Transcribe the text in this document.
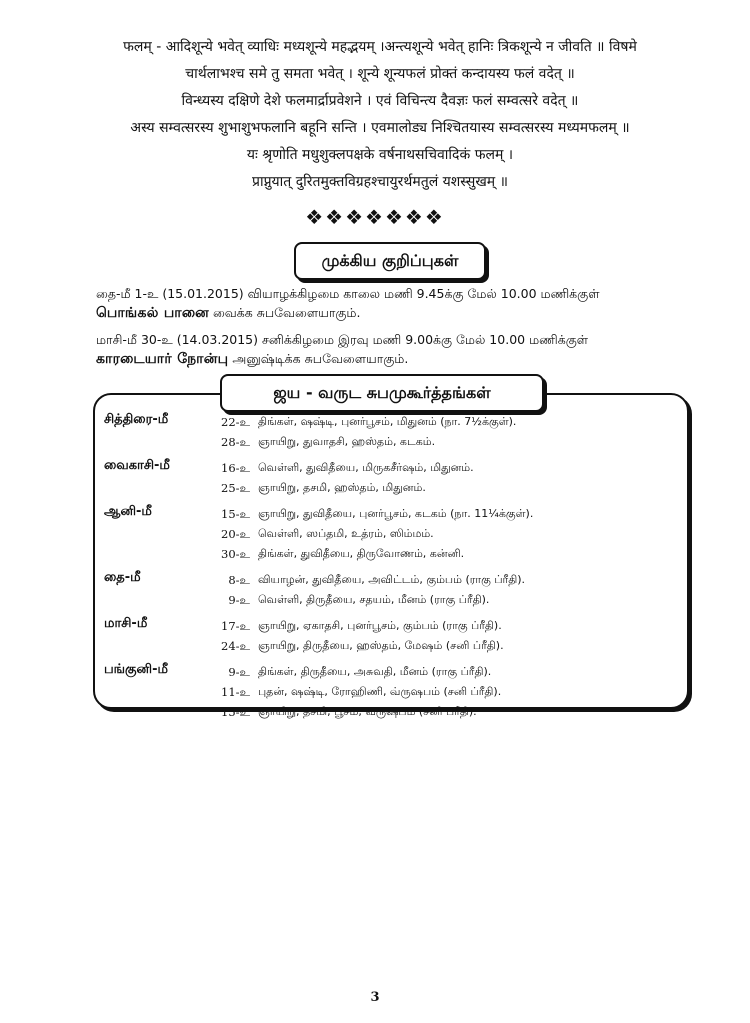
फलम् - आदिशून्ये भवेत् व्याधिः मध्यशून्ये महद्भयम् ।अन्त्यशून्ये भवेत् हानिः त्रिकशून्ये न जीवति ॥ विषमे
चार्थलाभश्च समे तु समता भवेत् । शून्ये शून्यफलं प्रोक्तं कन्दायस्य फलं वदेत् ॥
विन्ध्यस्य दक्षिणे देशे फलमार्द्राप्रवेशने । एवं विचिन्त्य दैवज्ञः फलं सम्वत्सरे वदेत् ॥
अस्य सम्वत्सरस्य शुभाशुभफलानि बहूनि सन्ति । एवमालोड्य निश्चितयास्य सम्वत्सरस्य मध्यमफलम् ॥
यः श्रृणोति मधुशुक्लपक्षके वर्षनाथसचिवादिकं फलम् ।
प्राप्नुयात् दुरितमुक्तविग्रहश्चायुरर्थमतुलं यशस्सुखम् ॥
❖❖❖❖❖❖❖
முக்கிய குறிப்புகள்
தை-மீ 1-உ (15.01.2015) வியாழக்கிழமை காலை மணி 9.45க்கு மேல் 10.00 மணிக்குள்
பொங்கல் பானை வைக்க சுபவேளையாகும்.
மாசி-மீ 30-உ (14.03.2015) சனிக்கிழமை இரவு மணி 9.00க்கு மேல் 10.00 மணிக்குள்
காரடையார் நோன்பு அனுஷ்டிக்க சுபவேளையாகும்.
ஜய - வருட சுபமுகூர்த்தங்கள்
சித்திரை-மீ	22-உ திங்கள், ஷஷ்டி, புனர்பூசம், மிதுனம் (நா. 7½க்குள்).
28-உ ஞாயிறு, துவாதசி, ஹஸ்தம், கடகம்.
வைகாசி-மீ	16-உ வெள்ளி, துவிதீயை, மிருகசீர்ஷம், மிதுனம்.
25-உ ஞாயிறு, தசமி, ஹஸ்தம், மிதுனம்.
ஆனி-மீ	15-உ ஞாயிறு, துவிதீயை, புனர்பூசம், கடகம் (நா. 11¼க்குள்).
20-உ வெள்ளி, ஸப்தமி, உத்ரம், ஸிம்மம்.
30-உ திங்கள், துவிதீயை, திருவோணம், கன்னி.
தை-மீ	8-உ வியாழன், துவிதீயை, அவிட்டம், கும்பம் (ராகு ப்ரீதி).
9-உ வெள்ளி, திருதீயை, சதயம், மீனம் (ராகு ப்ரீதி).
மாசி-மீ	17-உ ஞாயிறு, ஏகாதசி, புனர்பூசம், கும்பம் (ராகு ப்ரீதி).
24-உ ஞாயிறு, திருதீயை, ஹஸ்தம், மேஷம் (சனி ப்ரீதி).
பங்குனி-மீ	9-உ திங்கள், திருதீயை, அசுவதி, மீனம் (ராகு ப்ரீதி).
11-உ புதன், ஷஷ்டி, ரோஹிணி, வ்ருஷபம் (சனி ப்ரீதி).
15-உ ஞாயிறு, தசமி, பூசம், வ்ருஷபம் (சனி ப்ரீதி).
3
